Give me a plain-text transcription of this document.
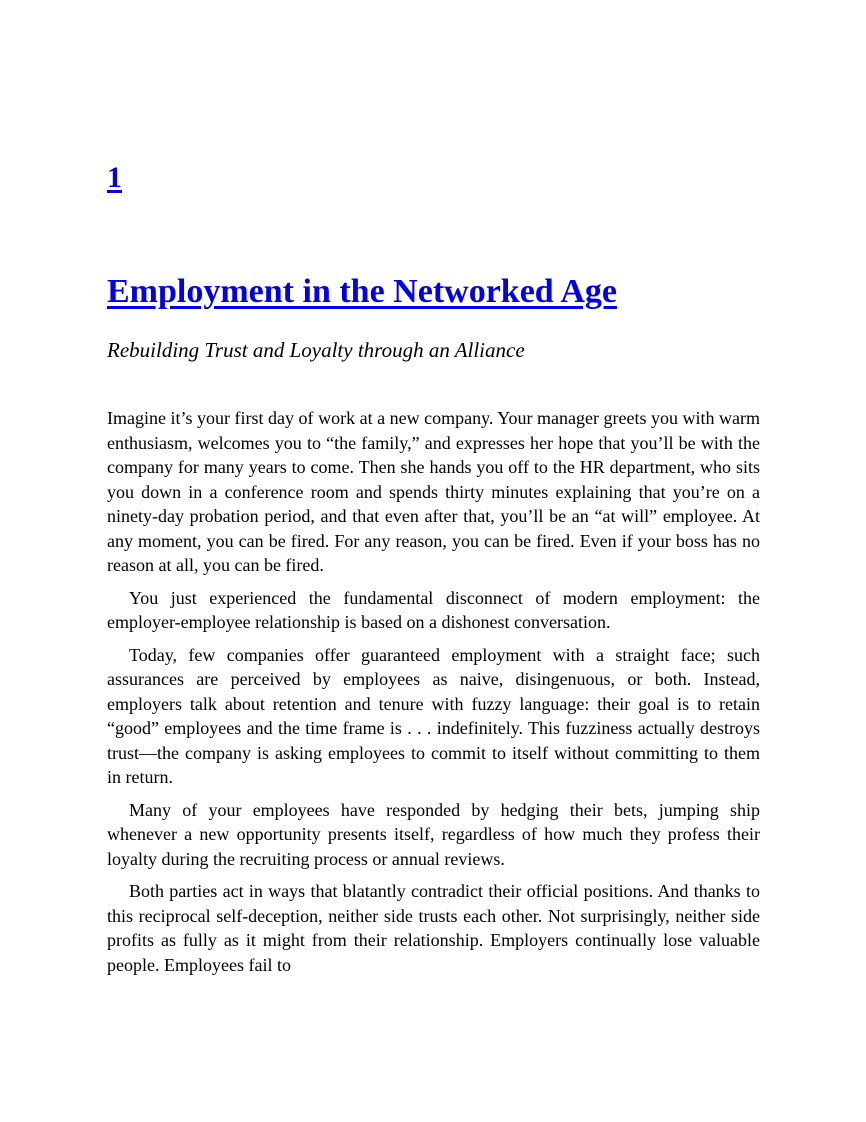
1
Employment in the Networked Age
Rebuilding Trust and Loyalty through an Alliance

Imagine it’s your first day of work at a new company. Your manager greets you with warm enthusiasm, welcomes you to “the family,” and expresses her hope that you’ll be with the company for many years to come. Then she hands you off to the HR department, who sits you down in a conference room and spends thirty minutes explaining that you’re on a ninety-day probation period, and that even after that, you’ll be an “at will” employee. At any moment, you can be fired. For any reason, you can be fired. Even if your boss has no reason at all, you can be fired.

You just experienced the fundamental disconnect of modern employment: the employer-employee relationship is based on a dishonest conversation.

Today, few companies offer guaranteed employment with a straight face; such assurances are perceived by employees as naive, disingenuous, or both. Instead, employers talk about retention and tenure with fuzzy language: their goal is to retain “good” employees and the time frame is . . . indefinitely. This fuzziness actually destroys trust—the company is asking employees to commit to itself without committing to them in return.

Many of your employees have responded by hedging their bets, jumping ship whenever a new opportunity presents itself, regardless of how much they profess their loyalty during the recruiting process or annual reviews.

Both parties act in ways that blatantly contradict their official positions. And thanks to this reciprocal self-deception, neither side trusts each other. Not surprisingly, neither side profits as fully as it might from their relationship. Employers continually lose valuable people. Employees fail to
